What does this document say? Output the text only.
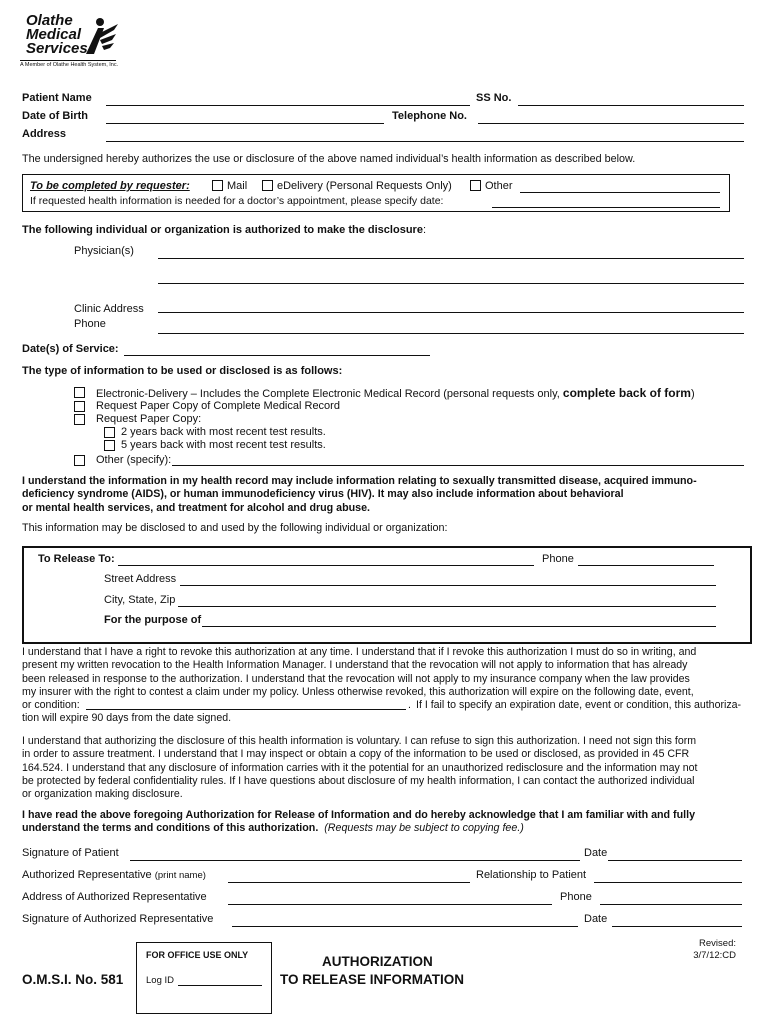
Olathe
Medical
Services
A Member of Olathe Health System, Inc.
Patient Name	SS No.
Date of Birth	Telephone No.
Address
The undersigned hereby authorizes the use or disclosure of the above named individual’s health information as described below.
To be completed by requester:	Mail	eDelivery (Personal Requests Only)	Other
If requested health information is needed for a doctor’s appointment, please specify date:
The following individual or organization is authorized to make the disclosure:
Physician(s)
Clinic Address
Phone
Date(s) of Service:
The type of information to be used or disclosed is as follows:
Electronic-Delivery – Includes the Complete Electronic Medical Record (personal requests only, complete back of form)
Request Paper Copy of Complete Medical Record
Request Paper Copy:
2 years back with most recent test results.
5 years back with most recent test results.
Other (specify):
I understand the information in my health record may include information relating to sexually transmitted disease, acquired immuno-
deficiency syndrome (AIDS), or human immunodeficiency virus (HIV). It may also include information about behavioral
or mental health services, and treatment for alcohol and drug abuse.
This information may be disclosed to and used by the following individual or organization:
To Release To:	Phone
Street Address
City, State, Zip
For the purpose of
I understand that I have a right to revoke this authorization at any time. I understand that if I revoke this authorization I must do so in writing, and
present my written revocation to the Health Information Manager. I understand that the revocation will not apply to information that has already
been released in response to the authorization. I understand that the revocation will not apply to my insurance company when the law provides
my insurer with the right to contest a claim under my policy. Unless otherwise revoked, this authorization will expire on the following date, event,
or condition:	. If I fail to specify an expiration date, event or condition, this authoriza-
tion will expire 90 days from the date signed.
I understand that authorizing the disclosure of this health information is voluntary. I can refuse to sign this authorization. I need not sign this form
in order to assure treatment. I understand that I may inspect or obtain a copy of the information to be used or disclosed, as provided in 45 CFR
164.524. I understand that any disclosure of information carries with it the potential for an unauthorized redisclosure and the information may not
be protected by federal confidentiality rules. If I have questions about disclosure of my health information, I can contact the authorized individual
or organization making disclosure.
I have read the above foregoing Authorization for Release of Information and do hereby acknowledge that I am familiar with and fully
understand the terms and conditions of this authorization. (Requests may be subject to copying fee.)
Signature of Patient	Date
Authorized Representative (print name)	Relationship to Patient
Address of Authorized Representative	Phone
Signature of Authorized Representative	Date
O.M.S.I. No. 581
FOR OFFICE USE ONLY
Log ID
AUTHORIZATION
TO RELEASE INFORMATION
Revised:
3/7/12:CD
